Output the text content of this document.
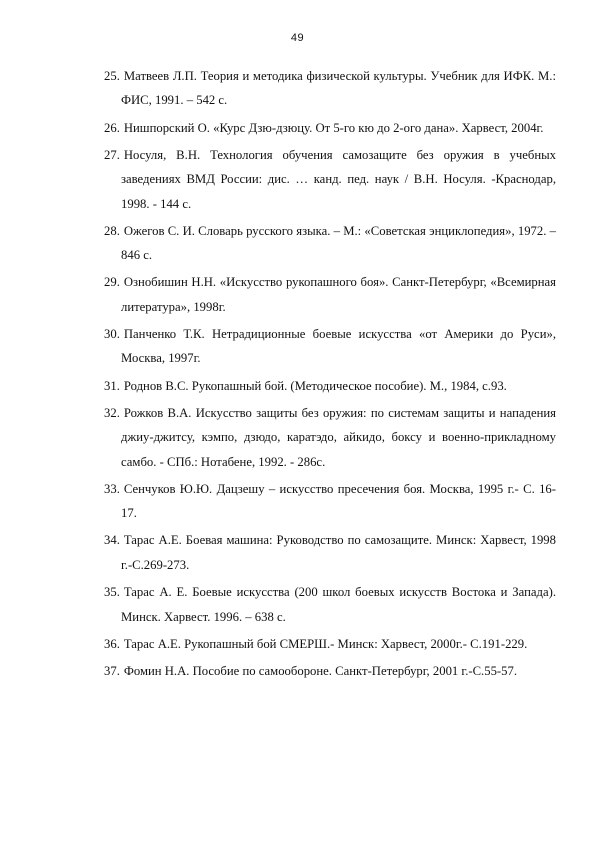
49
25. Матвеев Л.П. Теория и методика физической культуры. Учебник для ИФК. М.: ФИС, 1991. – 542 с.
26. Нишпорский О. «Курс Дзю-дзюцу. От 5-го кю до 2-ого дана». Харвест, 2004г.
27. Носуля, В.Н. Технология обучения самозащите без оружия в учебных заведениях ВМД России: дис. … канд. пед. наук / В.Н. Носуля. -Краснодар, 1998. - 144 с.
28. Ожегов С. И. Словарь русского языка. – М.: «Советская энциклопедия», 1972. – 846 с.
29. Ознобишин Н.Н. «Искусство рукопашного боя». Санкт-Петербург, «Всемирная литература», 1998г.
30. Панченко Т.К. Нетрадиционные боевые искусства «от Америки до Руси», Москва, 1997г.
31. Роднов В.С. Рукопашный бой. (Методическое пособие). М., 1984, с.93.
32. Рожков В.А. Искусство защиты без оружия: по системам защиты и нападения джиу-джитсу, кэмпо, дзюдо, каратэдо, айкидо, боксу и военно-прикладному самбо. - СПб.: Нотабене, 1992. - 286с.
33. Сенчуков Ю.Ю. Дацзешу – искусство пресечения боя. Москва, 1995 г.- С. 16-17.
34. Тарас А.Е. Боевая машина: Руководство по самозащите. Минск: Харвест, 1998 г.-С.269-273.
35. Тарас А. Е. Боевые искусства (200 школ боевых искусств Востока и Запада). Минск. Харвест. 1996. – 638 с.
36. Тарас А.Е. Рукопашный бой СМЕРШ.- Минск: Харвест, 2000г.- С.191-229.
37. Фомин Н.А. Пособие по самообороне. Санкт-Петербург, 2001 г.-С.55-57.
